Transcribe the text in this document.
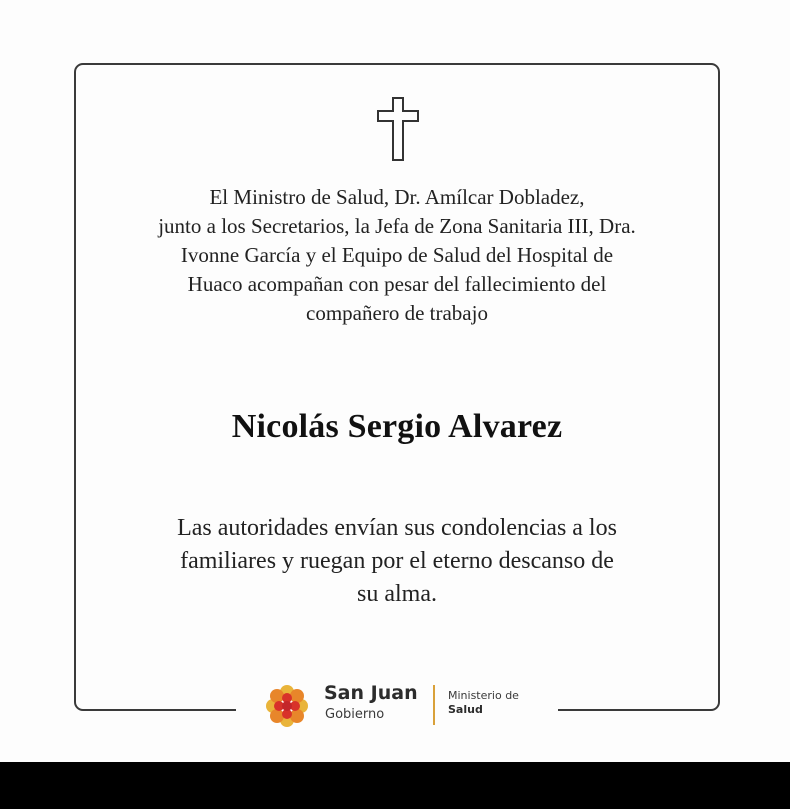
El Ministro de Salud, Dr. Amílcar Dobladez,
junto a los Secretarios, la Jefa de Zona Sanitaria III, Dra.
Ivonne García y el Equipo de Salud del Hospital de
Huaco acompañan con pesar del fallecimiento del
compañero de trabajo

Nicolás Sergio Alvarez

Las autoridades envían sus condolencias a los
familiares y ruegan por el eterno descanso de
su alma.

San Juan
Gobierno
Ministerio de
Salud
